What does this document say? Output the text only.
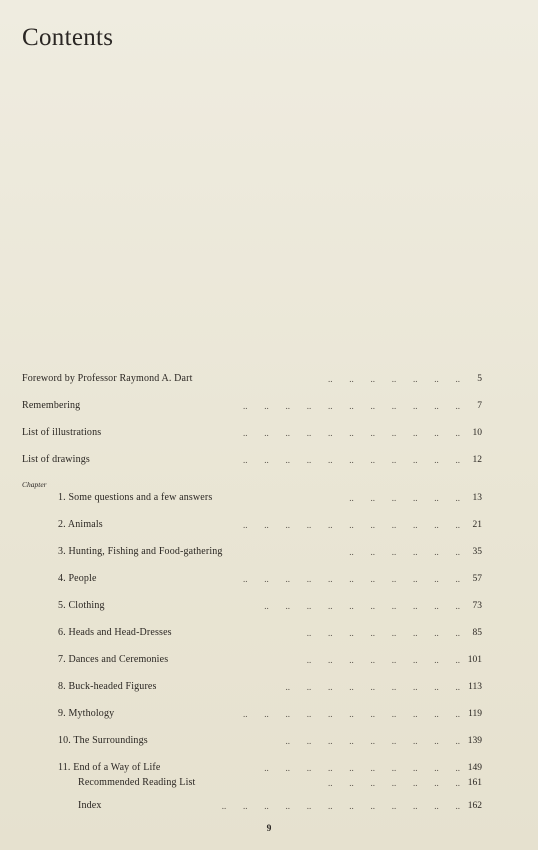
Contents
Foreword by Professor Raymond A. Dart	.. .. .. .. .. .. ..	5
Remembering	.. .. .. .. .. .. .. .. .. .. ..	7
List of illustrations	.. .. .. .. .. .. .. .. .. .. ..	10
List of drawings	.. .. .. .. .. .. .. .. .. .. ..	12
1. Some questions and a few answers	.. .. .. .. .. ..	13
2. Animals	.. .. .. .. .. .. .. .. .. .. ..	21
3. Hunting, Fishing and Food-gathering	.. .. .. .. .. ..	35
4. People	.. .. .. .. .. .. .. .. .. .. ..	57
5. Clothing	.. .. .. .. .. .. .. .. .. ..	73
6. Heads and Head-Dresses	.. .. .. .. .. .. .. ..	85
7. Dances and Ceremonies	.. .. .. .. .. .. .. .. 101
8. Buck-headed Figures	.. .. .. .. .. .. .. .. .. 113
9. Mythology	.. .. .. .. .. .. .. .. .. .. .. 119
10. The Surroundings	.. .. .. .. .. .. .. .. .. 139
11. End of a Way of Life	.. .. .. .. .. .. .. .. .. .. 149
Recommended Reading List	.. .. .. .. .. .. .. 161
Index	.. .. .. .. .. .. .. .. .. .. .. .. 162
Chapter
9
